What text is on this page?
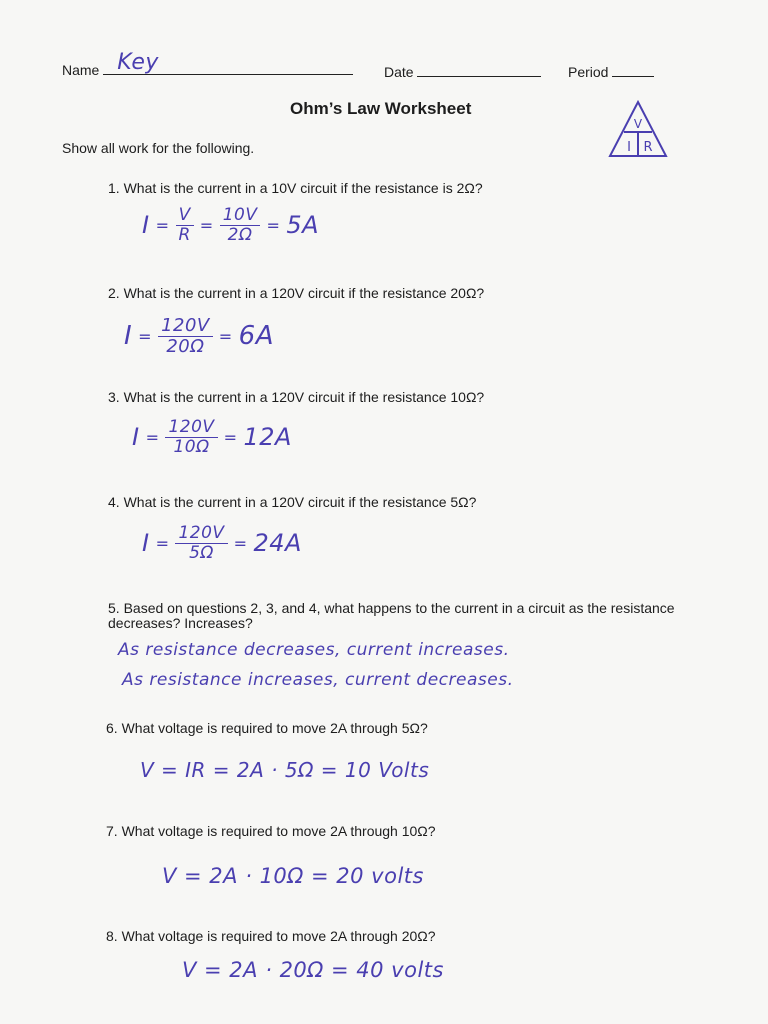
Name Key	Date	Period
Ohm’s Law Worksheet
Show all work for the following.
V
I R
1. What is the current in a 10V circuit if the resistance is 2Ω?
$I = \frac{V}{R} = \frac{10V}{2\Omega} = 5A$
2. What is the current in a 120V circuit if the resistance 20Ω?
$I = \frac{120V}{20\Omega} = 6A$
3. What is the current in a 120V circuit if the resistance 10Ω?
$I = \frac{120V}{10\Omega} = 12A$
4. What is the current in a 120V circuit if the resistance 5Ω?
$I = \frac{120V}{5\Omega} = 24A$
5. Based on questions 2, 3, and 4, what happens to the current in a circuit as the resistance
decreases? Increases?
As resistance decreases, current increases.
As resistance increases, current decreases.
6. What voltage is required to move 2A through 5Ω?
V = IR = 2A · 5Ω = 10 Volts
7. What voltage is required to move 2A through 10Ω?
V = 2A · 10Ω = 20 volts
8. What voltage is required to move 2A through 20Ω?
V = 2A · 20Ω = 40 volts
